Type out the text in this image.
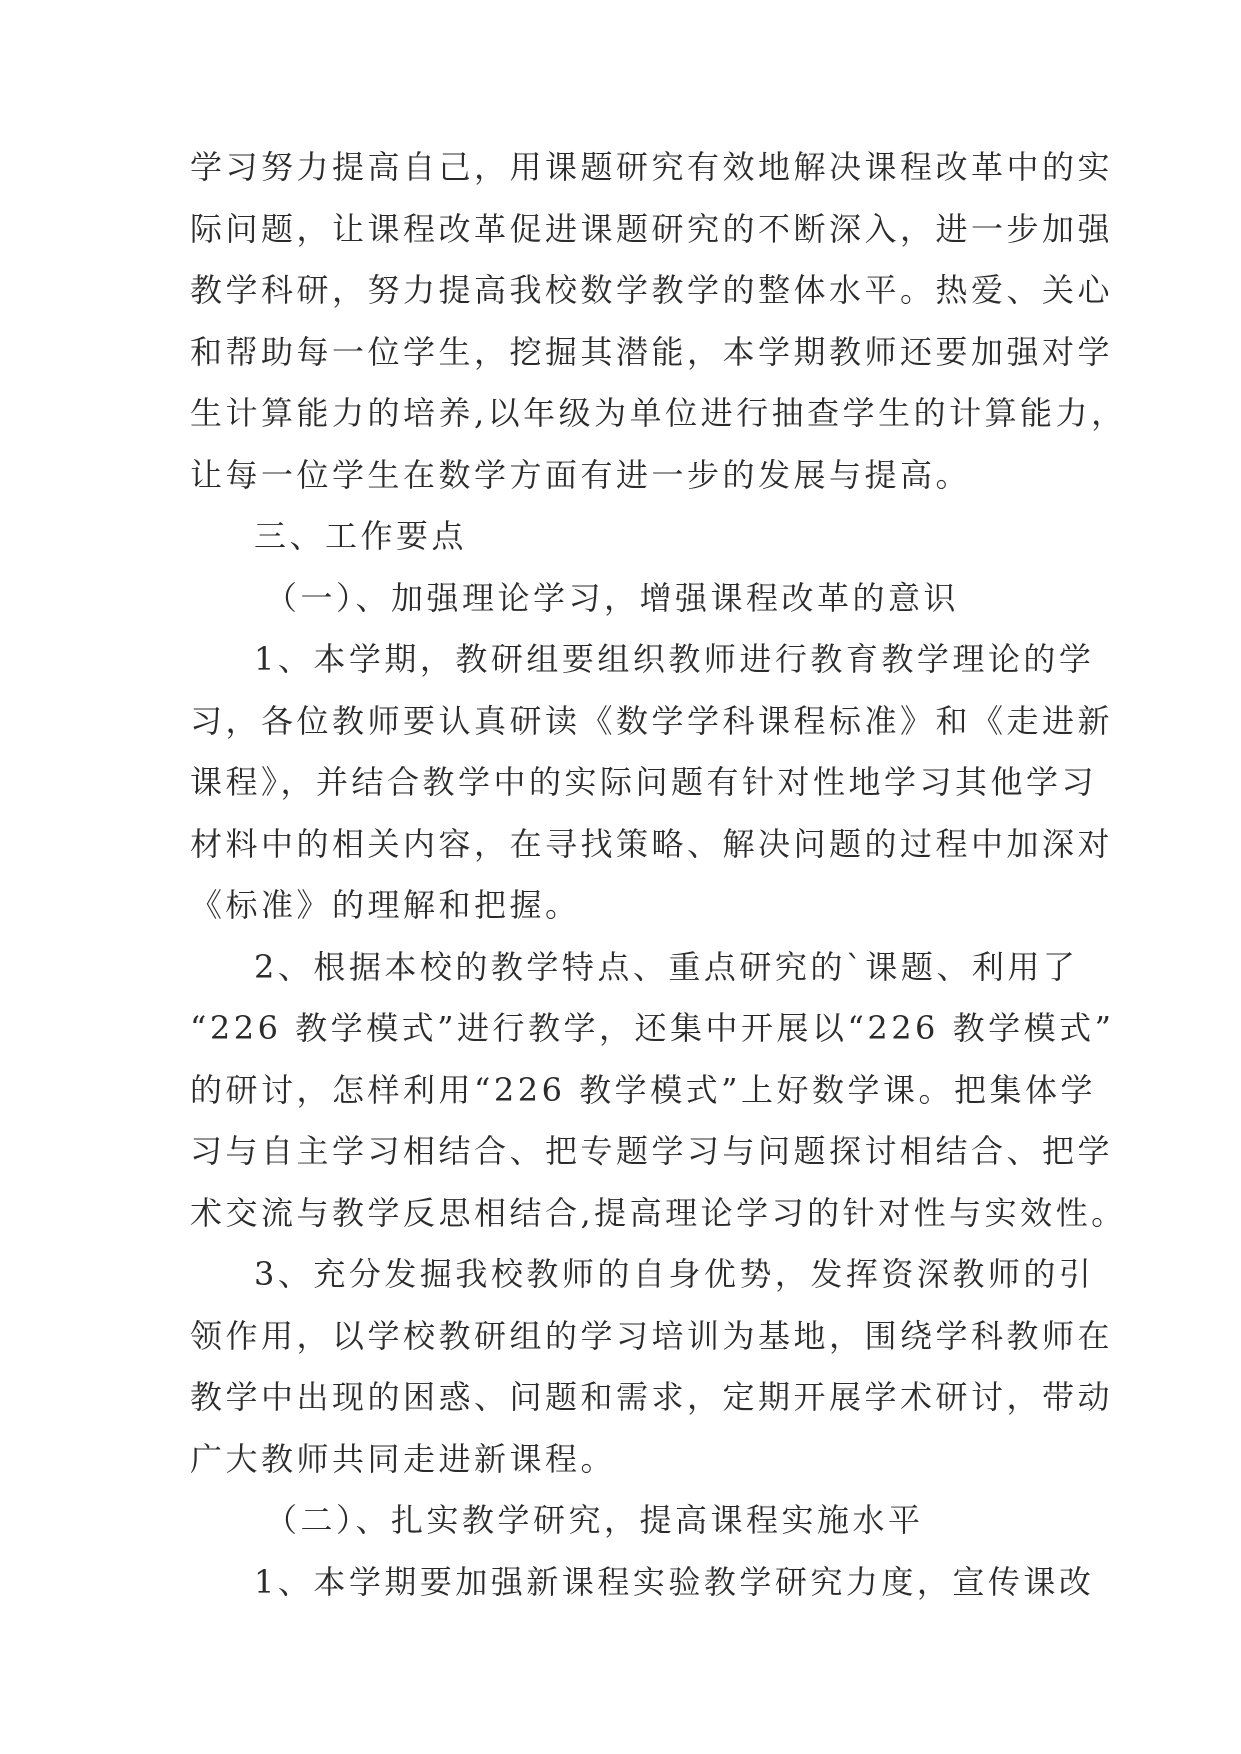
学习努力提高自己，用课题研究有效地解决课程改革中的实
际问题，让课程改革促进课题研究的不断深入，进一步加强
教学科研，努力提高我校数学教学的整体水平。热爱、关心
和帮助每一位学生，挖掘其潜能，本学期教师还要加强对学
生计算能力的培养,以年级为单位进行抽查学生的计算能力，
让每一位学生在数学方面有进一步的发展与提高。
三、工作要点
（一）、加强理论学习，增强课程改革的意识
1、本学期，教研组要组织教师进行教育教学理论的学
习，各位教师要认真研读《数学学科课程标准》和《走进新
课程》，并结合教学中的实际问题有针对性地学习其他学习
材料中的相关内容，在寻找策略、解决问题的过程中加深对
《标准》的理解和把握。
2、根据本校的教学特点、重点研究的`课题、利用了
“226 教学模式”进行教学，还集中开展以“226 教学模式”
的研讨，怎样利用“226 教学模式”上好数学课。把集体学
习与自主学习相结合、把专题学习与问题探讨相结合、把学
术交流与教学反思相结合,提高理论学习的针对性与实效性。
3、充分发掘我校教师的自身优势，发挥资深教师的引
领作用，以学校教研组的学习培训为基地，围绕学科教师在
教学中出现的困惑、问题和需求，定期开展学术研讨，带动
广大教师共同走进新课程。
（二）、扎实教学研究，提高课程实施水平
1、本学期要加强新课程实验教学研究力度，宣传课改
